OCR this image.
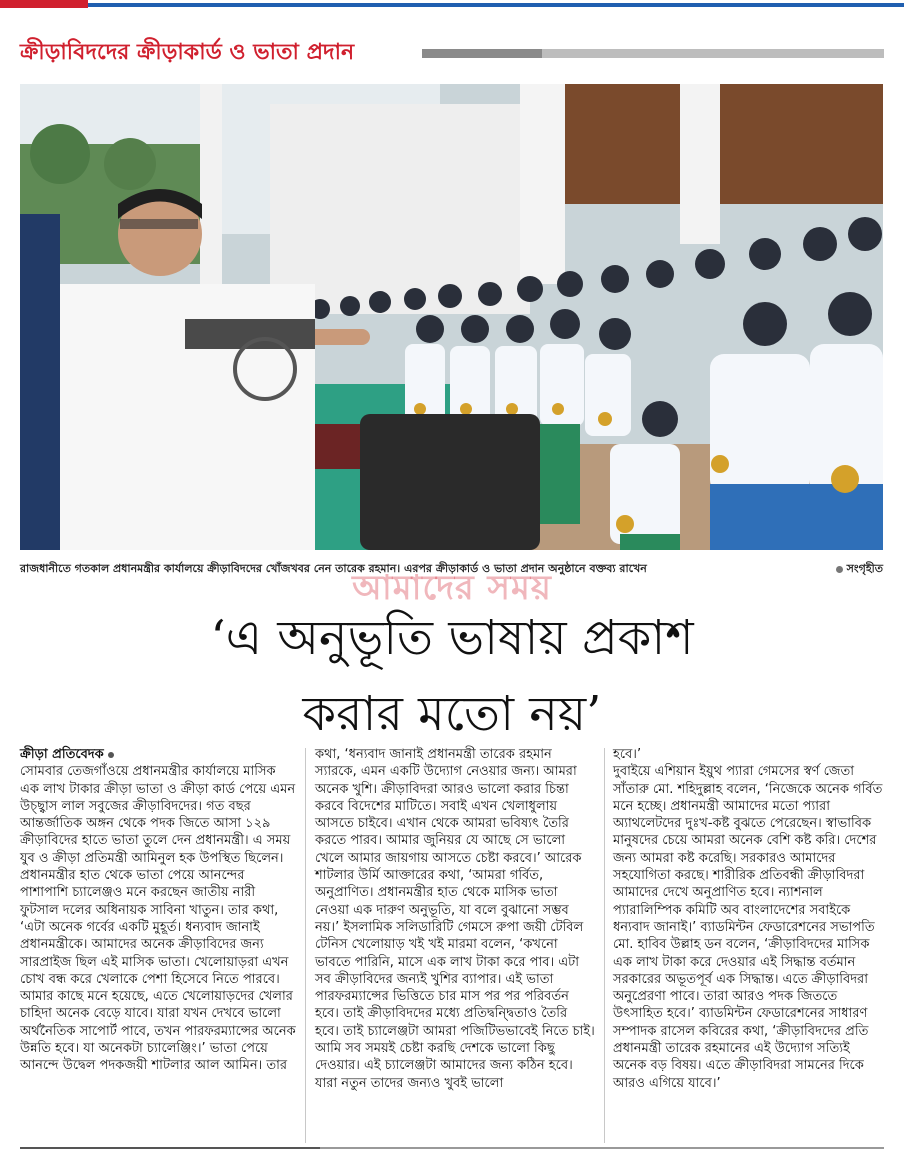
ক্রীড়াবিদদের ক্রীড়াকার্ড ও ভাতা প্রদান
রাজধানীতে গতকাল প্রধানমন্ত্রীর কার্যালয়ে ক্রীড়াবিদদের খোঁজখবর নেন তারেক রহমান। এরপর ক্রীড়াকার্ড ও ভাতা প্রদান অনুষ্ঠানে বক্তব্য রাখেন	সংগৃহীত
আমাদের সময়
‘এ অনুভূতি ভাষায় প্রকাশ
করার মতো নয়’

ক্রীড়া প্রতিবেদক

সোমবার তেজগাঁওয়ে প্রধানমন্ত্রীর কার্যালয়ে মাসিক এক লাখ টাকার ক্রীড়া ভাতা ও ক্রীড়া কার্ড পেয়ে এমন উচ্ছ্বাস লাল সবুজের ক্রীড়াবিদদের। গত বছর আন্তর্জাতিক অঙ্গন থেকে পদক জিতে আসা ১২৯ ক্রীড়াবিদের হাতে ভাতা তুলে দেন প্রধানমন্ত্রী। এ সময় যুব ও ক্রীড়া প্রতিমন্ত্রী আমিনুল হক উপস্থিত ছিলেন।

প্রধানমন্ত্রীর হাত থেকে ভাতা পেয়ে আনন্দের পাশাপাশি চ্যালেঞ্জও মনে করছেন জাতীয় নারী ফুটসাল দলের অধিনায়ক সাবিনা খাতুন। তার কথা, ‘এটা অনেক গর্বের একটি মুহূর্ত। ধন্যবাদ জানাই প্রধানমন্ত্রীকে। আমাদের অনেক ক্রীড়াবিদের জন্য সারপ্রাইজ ছিল এই মাসিক ভাতা। খেলোয়াড়রা এখন চোখ বন্ধ করে খেলাকে পেশা হিসেবে নিতে পারবে। আমার কাছে মনে হয়েছে, এতে খেলোয়াড়দের খেলার চাহিদা অনেক বেড়ে যাবে। যারা যখন দেখবে ভালো অর্থনৈতিক সাপোর্ট পাবে, তখন পারফরম্যান্সের অনেক উন্নতি হবে। যা অনেকটা চ্যালেঞ্জিং।’ ভাতা পেয়ে আনন্দে উদ্বেল পদকজয়ী শাটলার আল আমিন। তার

কথা, ‘ধন্যবাদ জানাই প্রধানমন্ত্রী তারেক রহমান স্যারকে, এমন একটি উদ্যোগ নেওয়ার জন্য। আমরা অনেক খুশি। ক্রীড়াবিদরা আরও ভালো করার চিন্তা করবে বিদেশের মাটিতে। সবাই এখন খেলাধুলায় আসতে চাইবে। এখান থেকে আমরা ভবিষ্যৎ তৈরি করতে পারব। আমার জুনিয়র যে আছে সে ভালো খেলে আমার জায়গায় আসতে চেষ্টা করবে।’ আরেক শাটলার উর্মি আক্তারের কথা, ‘আমরা গর্বিত, অনুপ্রাণিত। প্রধানমন্ত্রীর হাত থেকে মাসিক ভাতা নেওয়া এক দারুণ অনুভূতি, যা বলে বুঝানো সম্ভব নয়।’ ইসলামিক সলিডারিটি গেমসে রুপা জয়ী টেবিল টেনিস খেলোয়াড় খই খই মারমা বলেন, ‘কখনো ভাবতে পারিনি, মাসে এক লাখ টাকা করে পাব। এটা সব ক্রীড়াবিদের জন্যই খুশির ব্যাপার। এই ভাতা পারফরম্যান্সের ভিত্তিতে চার মাস পর পর পরিবর্তন হবে। তাই ক্রীড়াবিদদের মধ্যে প্রতিদ্বন্দ্বিতাও তৈরি হবে। তাই চ্যালেঞ্জটা আমরা পজিটিভভাবেই নিতে চাই। আমি সব সময়ই চেষ্টা করছি দেশকে ভালো কিছু দেওয়ার। এই চ্যালেঞ্জটা আমাদের জন্য কঠিন হবে। যারা নতুন তাদের জন্যও খুবই ভালো

হবে।’

দুবাইয়ে এশিয়ান ইয়ুথ প্যারা গেমসের স্বর্ণ জেতা সাঁতারু মো. শহিদুল্লাহ বলেন, ‘নিজেকে অনেক গর্বিত মনে হচ্ছে। প্রধানমন্ত্রী আমাদের মতো প্যারা অ্যাথলেটদের দুঃখ-কষ্ট বুঝতে পেরেছেন। স্বাভাবিক মানুষদের চেয়ে আমরা অনেক বেশি কষ্ট করি। দেশের জন্য আমরা কষ্ট করেছি। সরকারও আমাদের সহযোগিতা করছে। শারীরিক প্রতিবন্ধী ক্রীড়াবিদরা আমাদের দেখে অনুপ্রাণিত হবে। ন্যাশনাল প্যারালিম্পিক কমিটি অব বাংলাদেশের সবাইকে ধন্যবাদ জানাই।’ ব্যাডমিন্টন ফেডারেশনের সভাপতি মো. হাবিব উল্লাহ ডন বলেন, ‘ক্রীড়াবিদদের মাসিক এক লাখ টাকা করে দেওয়ার এই সিদ্ধান্ত বর্তমান সরকারের অভূতপূর্ব এক সিদ্ধান্ত। এতে ক্রীড়াবিদরা অনুপ্রেরণা পাবে। তারা আরও পদক জিততে উৎসাহিত হবে।’ ব্যাডমিন্টন ফেডারেশনের সাধারণ সম্পাদক রাসেল কবিরের কথা, ‘ক্রীড়াবিদদের প্রতি প্রধানমন্ত্রী তারেক রহমানের এই উদ্যোগ সত্যিই অনেক বড় বিষয়। এতে ক্রীড়াবিদরা সামনের দিকে আরও এগিয়ে যাবে।’
